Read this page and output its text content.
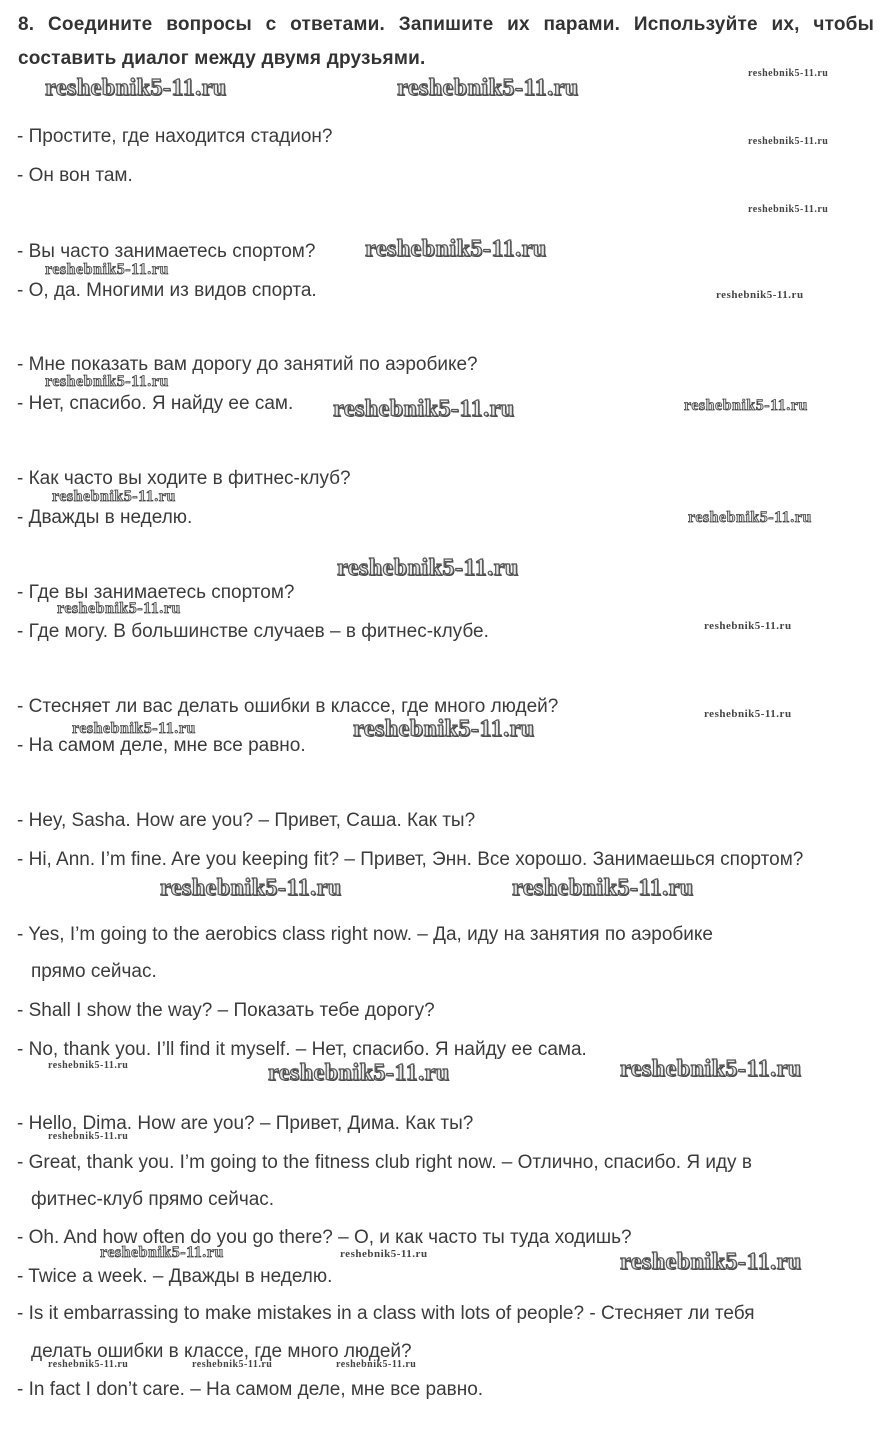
8. Соедините вопросы с ответами. Запишите их парами. Используйте их, чтобы составить диалог между двумя друзьями.
- Простите, где находится стадион?
- Он вон там.
- Вы часто занимаетесь спортом?
- О, да. Многими из видов спорта.
- Мне показать вам дорогу до занятий по аэробике?
- Нет, спасибо. Я найду ее сам.
- Как часто вы ходите в фитнес-клуб?
- Дважды в неделю.
- Где вы занимаетесь спортом?
- Где могу. В большинстве случаев – в фитнес-клубе.
- Стесняет ли вас делать ошибки в классе, где много людей?
- На самом деле, мне все равно.
- Hey, Sasha. How are you? – Привет, Саша. Как ты?
- Hi, Ann. I’m fine. Are you keeping fit? – Привет, Энн. Все хорошо. Занимаешься спортом?
- Yes, I’m going to the aerobics class right now. – Да, иду на занятия по аэробике
прямо сейчас.
- Shall I show the way? – Показать тебе дорогу?
- No, thank you. I’ll find it myself. – Нет, спасибо. Я найду ее сама.
- Hello, Dima. How are you? – Привет, Дима. Как ты?
- Great, thank you. I’m going to the fitness club right now. – Отлично, спасибо. Я иду в
фитнес-клуб прямо сейчас.
- Oh. And how often do you go there? – О, и как часто ты туда ходишь?
- Twice a week. – Дважды в неделю.
- Is it embarrassing to make mistakes in a class with lots of people? - Стесняет ли тебя
делать ошибки в классе, где много людей?
- In fact I don’t care. – На самом деле, мне все равно.
reshebnik5-11.ru	reshebnik5-11.ru
reshebnik5-11.ru
reshebnik5-11.ru
reshebnik5-11.ru
reshebnik5-11.ru
reshebnik5-11.ru
reshebnik5-11.ru
reshebnik5-11.ru
reshebnik5-11.ru	reshebnik5-11.ru
reshebnik5-11.ru
reshebnik5-11.ru
reshebnik5-11.ru
reshebnik5-11.ru
reshebnik5-11.ru
reshebnik5-11.ru
reshebnik5-11.ru	reshebnik5-11.ru
reshebnik5-11.ru	reshebnik5-11.ru
reshebnik5-11.ru	reshebnik5-11.ru	reshebnik5-11.ru
reshebnik5-11.ru
reshebnik5-11.ru	reshebnik5-11.ru	reshebnik5-11.ru
reshebnik5-11.ru	reshebnik5-11.ru	reshebnik5-11.ru
